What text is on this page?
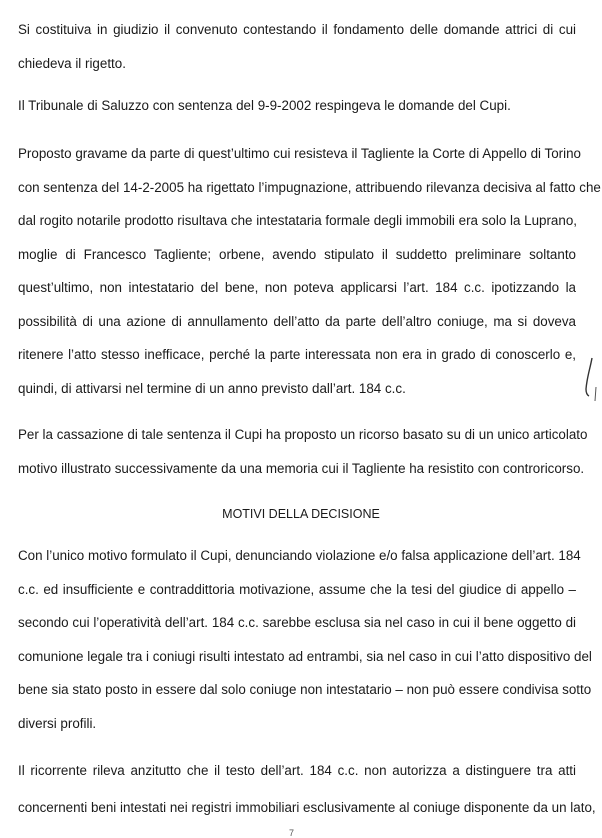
Si costituiva in giudizio il convenuto contestando il fondamento delle domande attrici di cui
chiedeva il rigetto.
Il Tribunale di Saluzzo con sentenza del 9-9-2002 respingeva le domande del Cupi.
Proposto gravame da parte di quest’ultimo cui resisteva il Tagliente la Corte di Appello di Torino
con sentenza del 14-2-2005 ha rigettato l’impugnazione, attribuendo rilevanza decisiva al fatto che
dal rogito notarile prodotto risultava che intestataria formale degli immobili era solo la Luprano,
moglie di Francesco Tagliente; orbene, avendo stipulato il suddetto preliminare soltanto
quest’ultimo, non intestatario del bene, non poteva applicarsi l’art. 184 c.c. ipotizzando la
possibilità di una azione di annullamento dell’atto da parte dell’altro coniuge, ma si doveva
ritenere l’atto stesso inefficace, perché la parte interessata non era in grado di conoscerlo e,
quindi, di attivarsi nel termine di un anno previsto dall’art. 184 c.c.
Per la cassazione di tale sentenza il Cupi ha proposto un ricorso basato su di un unico articolato
motivo illustrato successivamente da una memoria cui il Tagliente ha resistito con controricorso.
MOTIVI DELLA DECISIONE
Con l’unico motivo formulato il Cupi, denunciando violazione e/o falsa applicazione dell’art. 184
c.c. ed insufficiente e contraddittoria motivazione, assume che la tesi del giudice di appello –
secondo cui l’operatività dell’art. 184 c.c. sarebbe esclusa sia nel caso in cui il bene oggetto di
comunione legale tra i coniugi risulti intestato ad entrambi, sia nel caso in cui l’atto dispositivo del
bene sia stato posto in essere dal solo coniuge non intestatario – non può essere condivisa sotto
diversi profili.
Il ricorrente rileva anzitutto che il testo dell’art. 184 c.c. non autorizza a distinguere tra atti
concernenti beni intestati nei registri immobiliari esclusivamente al coniuge disponente da un lato,
7
